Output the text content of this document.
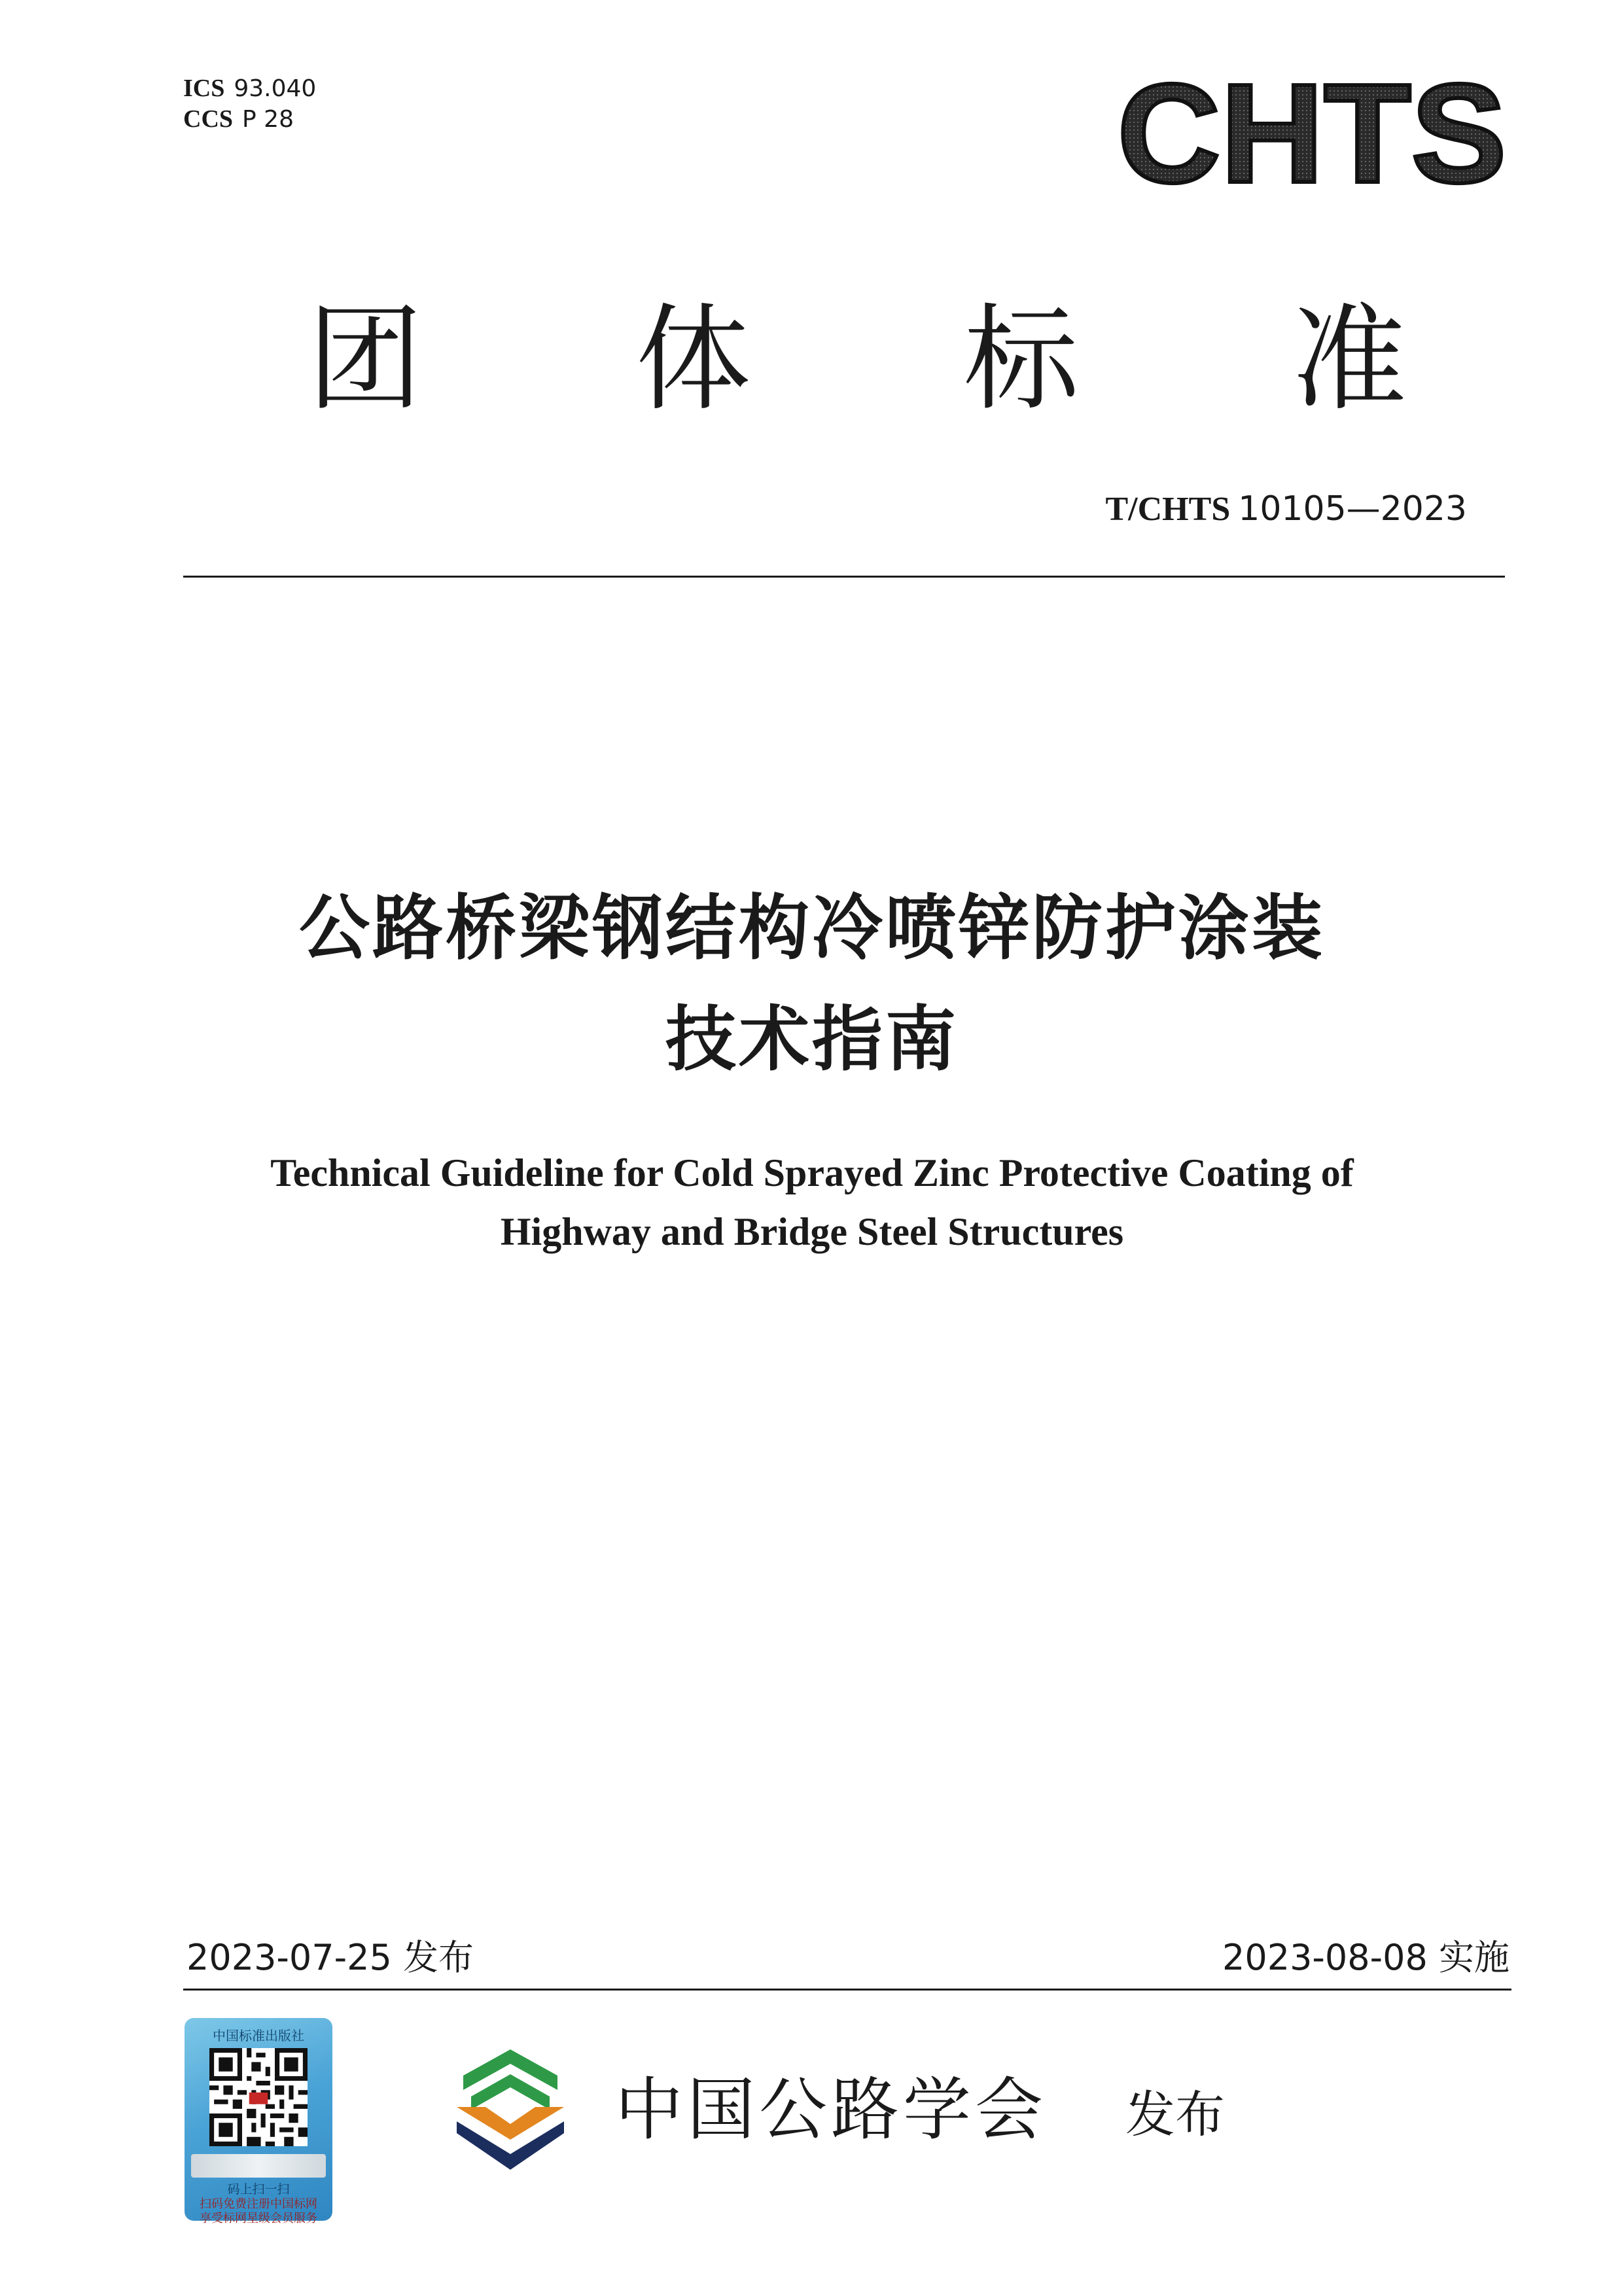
ICS 93.040
CCS P 28	CHTS
团 体 标 准
T/CHTS 10105—2023
公路桥梁钢结构冷喷锌防护涂装
技术指南
Technical Guideline for Cold Sprayed Zinc Protective Coating of
Highway and Bridge Steel Structures
2023-07-25 发布	2023-08-08 实施
中国标准出版社
码上扫一扫
扫码免费注册中国标网
享受标网星级会员服务
中国公路学会 发布
